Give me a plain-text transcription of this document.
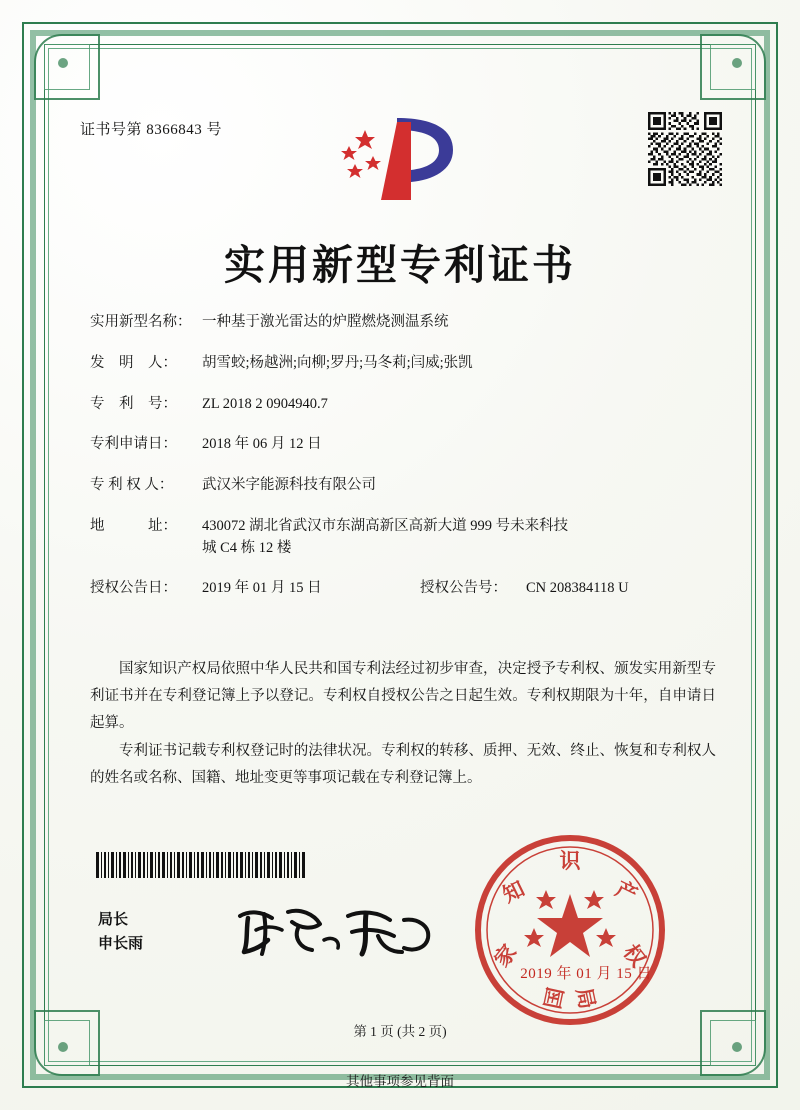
证书号第 8366843 号
实用新型专利证书
实用新型名称： 一种基于激光雷达的炉膛燃烧测温系统
发　明　人：	胡雪蛟;杨越洲;向柳;罗丹;马冬莉;闫威;张凯
专　利　号：	ZL 2018 2 0904940.7
专利申请日：	2018 年 06 月 12 日
专 利 权 人：	武汉米字能源科技有限公司
地　　　址：	430072 湖北省武汉市东湖高新区高新大道 999 号未来科技
城 C4 栋 12 楼
授权公告日：	2019 年 01 月 15 日	授权公告号：	CN 208384118 U

国家知识产权局依照中华人民共和国专利法经过初步审查，决定授予专利权、颁发实用新型专利证书并在专利登记簿上予以登记。专利权自授权公告之日起生效。专利权期限为十年，自申请日起算。

专利证书记载专利权登记时的法律状况。专利权的转移、质押、无效、终止、恢复和专利权人的姓名或名称、国籍、地址变更等事项记载在专利登记簿上。

局长
申长雨
识
知
家
国
产
权
局
2019 年 01 月 15 日
第 1 页 (共 2 页)
其他事项参见背面
